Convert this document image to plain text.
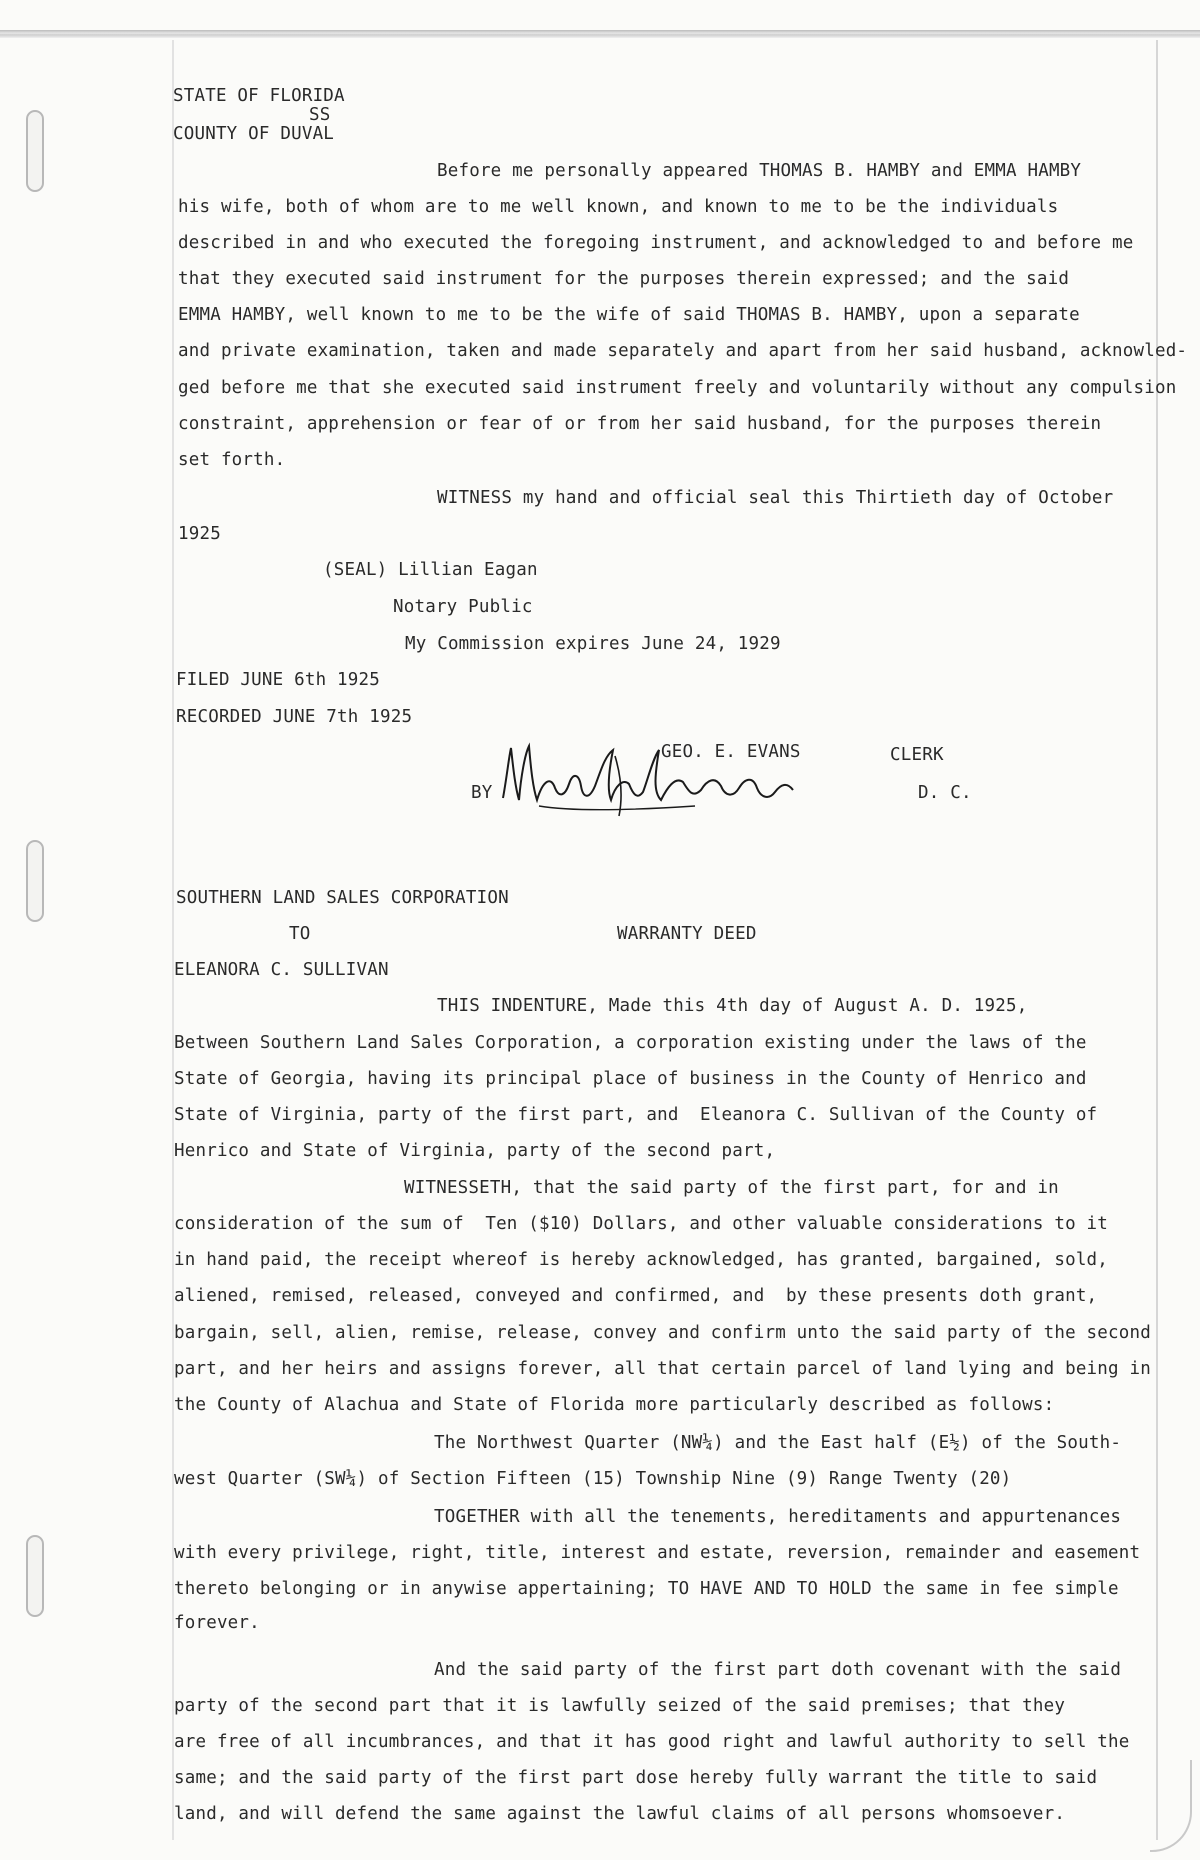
STATE OF FLORIDA

SS

COUNTY OF DUVAL

Before me personally appeared THOMAS B. HAMBY and EMMA HAMBY

his wife, both of whom are to me well known, and known to me to be the individuals

described in and who executed the foregoing instrument, and acknowledged to and before me

that they executed said instrument for the purposes therein expressed; and the said

EMMA HAMBY, well known to me to be the wife of said THOMAS B. HAMBY, upon a separate

and private examination, taken and made separately and apart from her said husband, acknowled-

ged before me that she executed said instrument freely and voluntarily without any compulsion

constraint, apprehension or fear of or from her said husband, for the purposes therein

set forth.

WITNESS my hand and official seal this Thirtieth day of October

1925

(SEAL) Lillian Eagan

Notary Public

My Commission expires June 24, 1929

FILED JUNE 6th 1925

RECORDED JUNE 7th 1925

GEO. E. EVANS	CLERK

BY	D. C.

SOUTHERN LAND SALES CORPORATION

TO	WARRANTY DEED

ELEANORA C. SULLIVAN

THIS INDENTURE, Made this 4th day of August A. D. 1925,

Between Southern Land Sales Corporation, a corporation existing under the laws of the

State of Georgia, having its principal place of business in the County of Henrico and

State of Virginia, party of the first part, and  Eleanora C. Sullivan of the County of

Henrico and State of Virginia, party of the second part,

WITNESSETH, that the said party of the first part, for and in

consideration of the sum of  Ten ($10) Dollars, and other valuable considerations to it

in hand paid, the receipt whereof is hereby acknowledged, has granted, bargained, sold,

aliened, remised, released, conveyed and confirmed, and  by these presents doth grant,

bargain, sell, alien, remise, release, convey and confirm unto the said party of the second

part, and her heirs and assigns forever, all that certain parcel of land lying and being in

the County of Alachua and State of Florida more particularly described as follows:

The Northwest Quarter (NW¼) and the East half (E½) of the South-

west Quarter (SW¼) of Section Fifteen (15) Township Nine (9) Range Twenty (20)

TOGETHER with all the tenements, hereditaments and appurtenances

with every privilege, right, title, interest and estate, reversion, remainder and easement

thereto belonging or in anywise appertaining; TO HAVE AND TO HOLD the same in fee simple

forever.

And the said party of the first part doth covenant with the said

party of the second part that it is lawfully seized of the said premises; that they

are free of all incumbrances, and that it has good right and lawful authority to sell the

same; and the said party of the first part dose hereby fully warrant the title to said

land, and will defend the same against the lawful claims of all persons whomsoever.
